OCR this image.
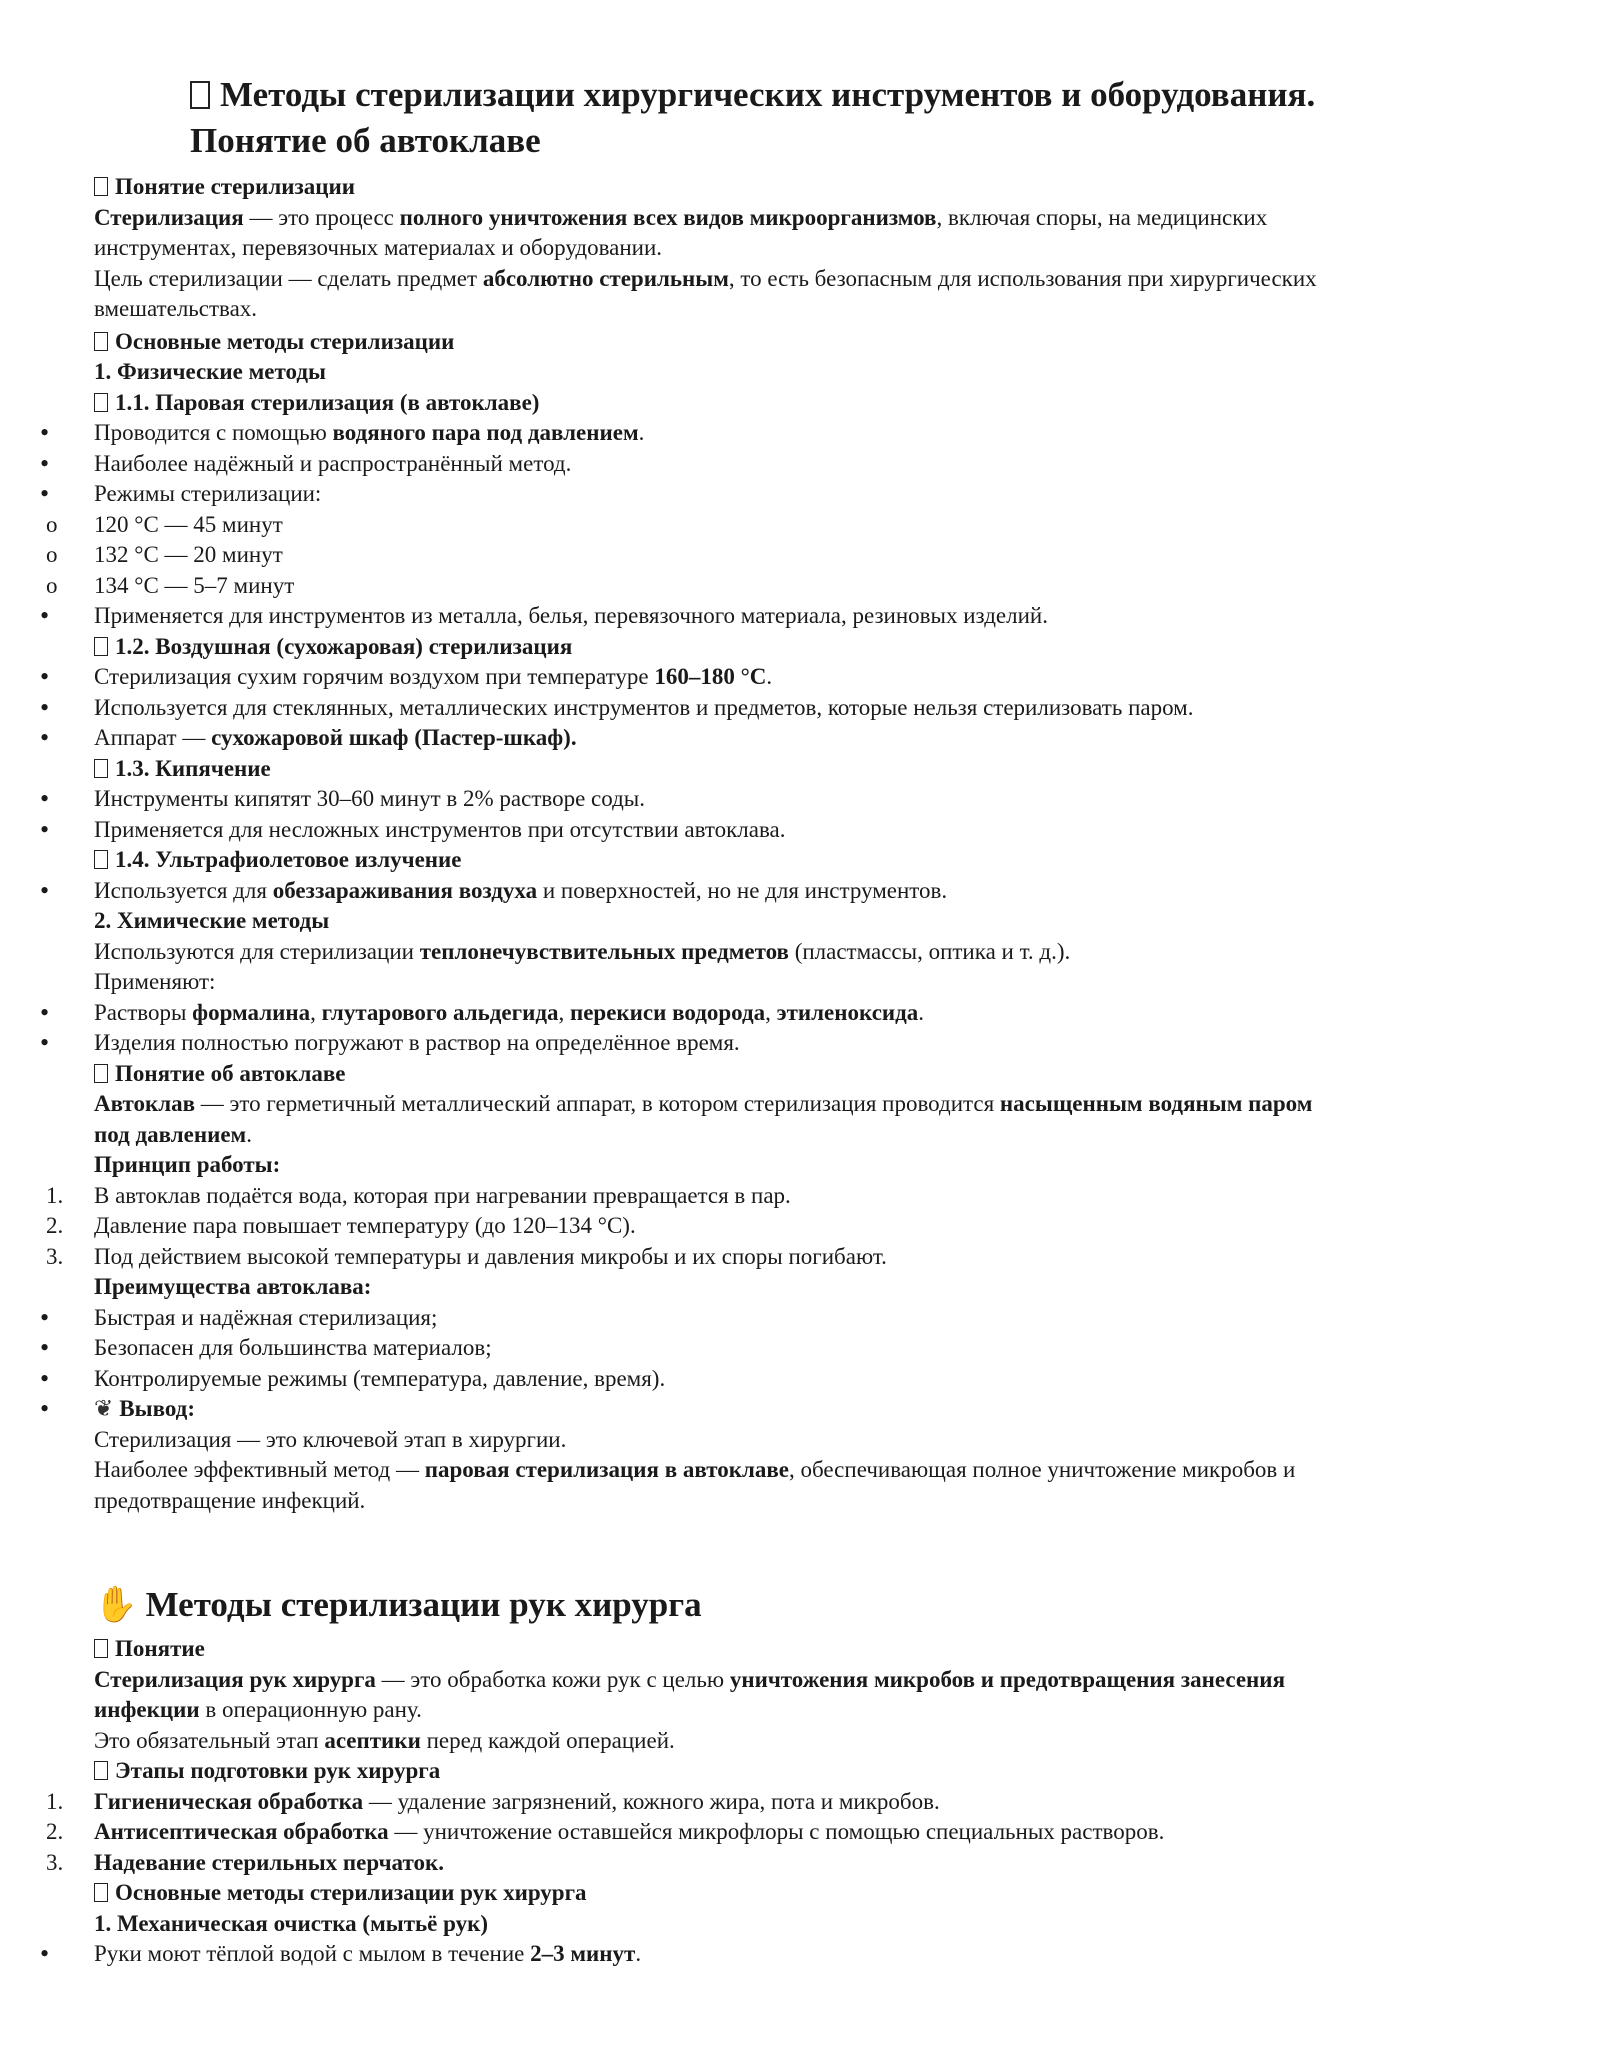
Методы стерилизации хирургических инструментов и оборудования.
Понятие об автоклаве

Понятие стерилизации

Стерилизация — это процесс полного уничтожения всех видов микроорганизмов, включая споры, на медицинских

инструментах, перевязочных материалах и оборудовании.

Цель стерилизации — сделать предмет абсолютно стерильным, то есть безопасным для использования при хирургических

вмешательствах.

Основные методы стерилизации

1. Физические методы

1.1. Паровая стерилизация (в автоклаве)

•	Проводится с помощью водяного пара под давлением.

•	Наиболее надёжный и распространённый метод.

•	Режимы стерилизации:

o	120 °С — 45 минут

o	132 °С — 20 минут

o	134 °С — 5–7 минут

•	Применяется для инструментов из металла, белья, перевязочного материала, резиновых изделий.

1.2. Воздушная (сухожаровая) стерилизация

•	Стерилизация сухим горячим воздухом при температуре 160–180 °С.

•	Используется для стеклянных, металлических инструментов и предметов, которые нельзя стерилизовать паром.

•	Аппарат — сухожаровой шкаф (Пастер-шкаф).

1.3. Кипячение

•	Инструменты кипятят 30–60 минут в 2% растворе соды.

•	Применяется для несложных инструментов при отсутствии автоклава.

1.4. Ультрафиолетовое излучение

•	Используется для обеззараживания воздуха и поверхностей, но не для инструментов.

2. Химические методы

Используются для стерилизации теплонечувствительных предметов (пластмассы, оптика и т. д.).

Применяют:

•	Растворы формалина, глутарового альдегида, перекиси водорода, этиленоксида.

•	Изделия полностью погружают в раствор на определённое время.

Понятие об автоклаве

Автоклав — это герметичный металлический аппарат, в котором стерилизация проводится насыщенным водяным паром

под давлением.

Принцип работы:

1.	В автоклав подаётся вода, которая при нагревании превращается в пар.

2.	Давление пара повышает температуру (до 120–134 °С).

3.	Под действием высокой температуры и давления микробы и их споры погибают.

Преимущества автоклава:

•	Быстрая и надёжная стерилизация;

•	Безопасен для большинства материалов;

•	Контролируемые режимы (температура, давление, время).

•	❦ Вывод:

Стерилизация — это ключевой этап в хирургии.

Наиболее эффективный метод — паровая стерилизация в автоклаве, обеспечивающая полное уничтожение микробов и

предотвращение инфекций.

✋ Методы стерилизации рук хирурга

Понятие

Стерилизация рук хирурга — это обработка кожи рук с целью уничтожения микробов и предотвращения занесения

инфекции в операционную рану.

Это обязательный этап асептики перед каждой операцией.

Этапы подготовки рук хирурга

1.	Гигиеническая обработка — удаление загрязнений, кожного жира, пота и микробов.

2.	Антисептическая обработка — уничтожение оставшейся микрофлоры с помощью специальных растворов.

3.	Надевание стерильных перчаток.

Основные методы стерилизации рук хирурга

1. Механическая очистка (мытьё рук)

•	Руки моют тёплой водой с мылом в течение 2–3 минут.
